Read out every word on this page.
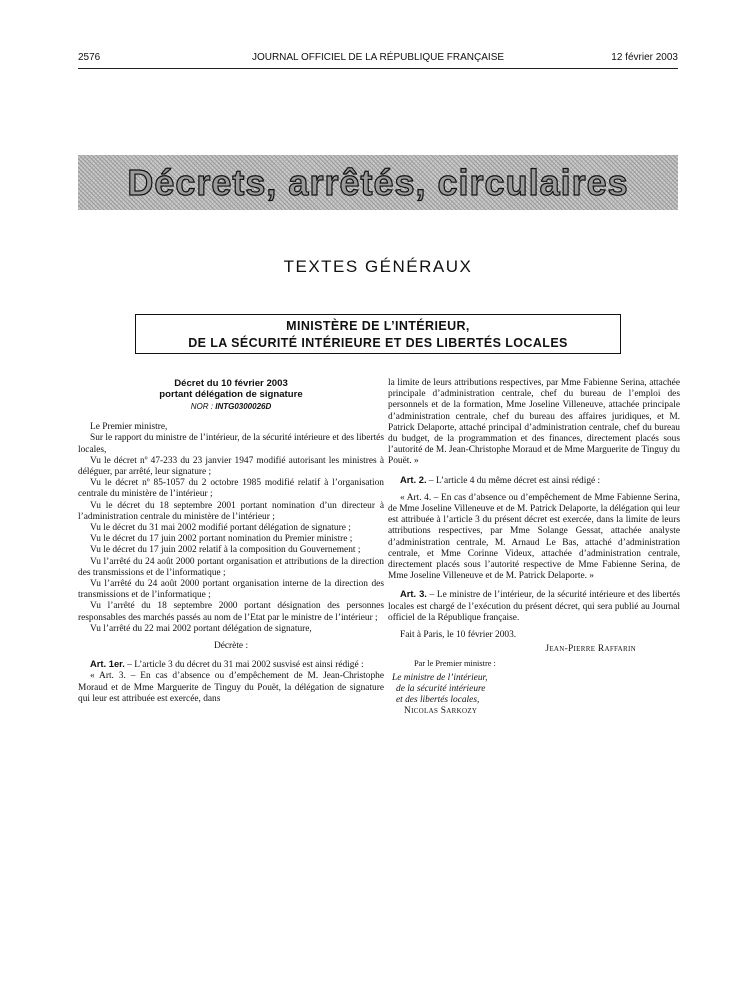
2576	JOURNAL OFFICIEL DE LA RÉPUBLIQUE FRANÇAISE	12 février 2003
Décrets, arrêtés, circulaires
TEXTES GÉNÉRAUX
MINISTÈRE DE L’INTÉRIEUR,
DE LA SÉCURITÉ INTÉRIEURE ET DES LIBERTÉS LOCALES
Décret du 10 février 2003
portant délégation de signature
NOR : INTG0300026D

Le Premier ministre,

Sur le rapport du ministre de l’intérieur, de la sécurité intérieure et des libertés locales,

Vu le décret nº 47-233 du 23 janvier 1947 modifié autorisant les ministres à déléguer, par arrêté, leur signature ;

Vu le décret nº 85-1057 du 2 octobre 1985 modifié relatif à l’organisation centrale du ministère de l’intérieur ;

Vu le décret du 18 septembre 2001 portant nomination d’un directeur à l’administration centrale du ministère de l’intérieur ;

Vu le décret du 31 mai 2002 modifié portant délégation de signature ;

Vu le décret du 17 juin 2002 portant nomination du Premier ministre ;

Vu le décret du 17 juin 2002 relatif à la composition du Gouvernement ;

Vu l’arrêté du 24 août 2000 portant organisation et attributions de la direction des transmissions et de l’informatique ;

Vu l’arrêté du 24 août 2000 portant organisation interne de la direction des transmissions et de l’informatique ;

Vu l’arrêté du 18 septembre 2000 portant désignation des personnes responsables des marchés passés au nom de l’Etat par le ministre de l’intérieur ;

Vu l’arrêté du 22 mai 2002 portant délégation de signature,

Décrète :

Art. 1er. – L’article 3 du décret du 31 mai 2002 susvisé est ainsi rédigé :

« Art. 3. – En cas d’absence ou d’empêchement de M. Jean-Christophe Moraud et de Mme Marguerite de Tinguy du Pouët, la délégation de signature qui leur est attribuée est exercée, dans

la limite de leurs attributions respectives, par Mme Fabienne Serina, attachée principale d’administration centrale, chef du bureau de l’emploi des personnels et de la formation, Mme Joseline Villeneuve, attachée principale d’administration centrale, chef du bureau des affaires juridiques, et M. Patrick Delaporte, attaché principal d’administration centrale, chef du bureau du budget, de la programmation et des finances, directement placés sous l’autorité de M. Jean-Christophe Moraud et de Mme Marguerite de Tinguy du Pouët. »

Art. 2. – L’article 4 du même décret est ainsi rédigé :

« Art. 4. – En cas d’absence ou d’empêchement de Mme Fabienne Serina, de Mme Joseline Villeneuve et de M. Patrick Delaporte, la délégation qui leur est attribuée à l’article 3 du présent décret est exercée, dans la limite de leurs attributions respectives, par Mme Solange Gessat, attachée analyste d’administration centrale, M. Arnaud Le Bas, attaché d’administration centrale, et Mme Corinne Videux, attachée d’administration centrale, directement placés sous l’autorité respective de Mme Fabienne Serina, de Mme Joseline Villeneuve et de M. Patrick Delaporte. »

Art. 3. – Le ministre de l’intérieur, de la sécurité intérieure et des libertés locales est chargé de l’exécution du présent décret, qui sera publié au Journal officiel de la République française.

Fait à Paris, le 10 février 2003.

Jean-Pierre Raffarin

Par le Premier ministre :

Le ministre de l’intérieur,

de la sécurité intérieure

et des libertés locales,

Nicolas Sarkozy
